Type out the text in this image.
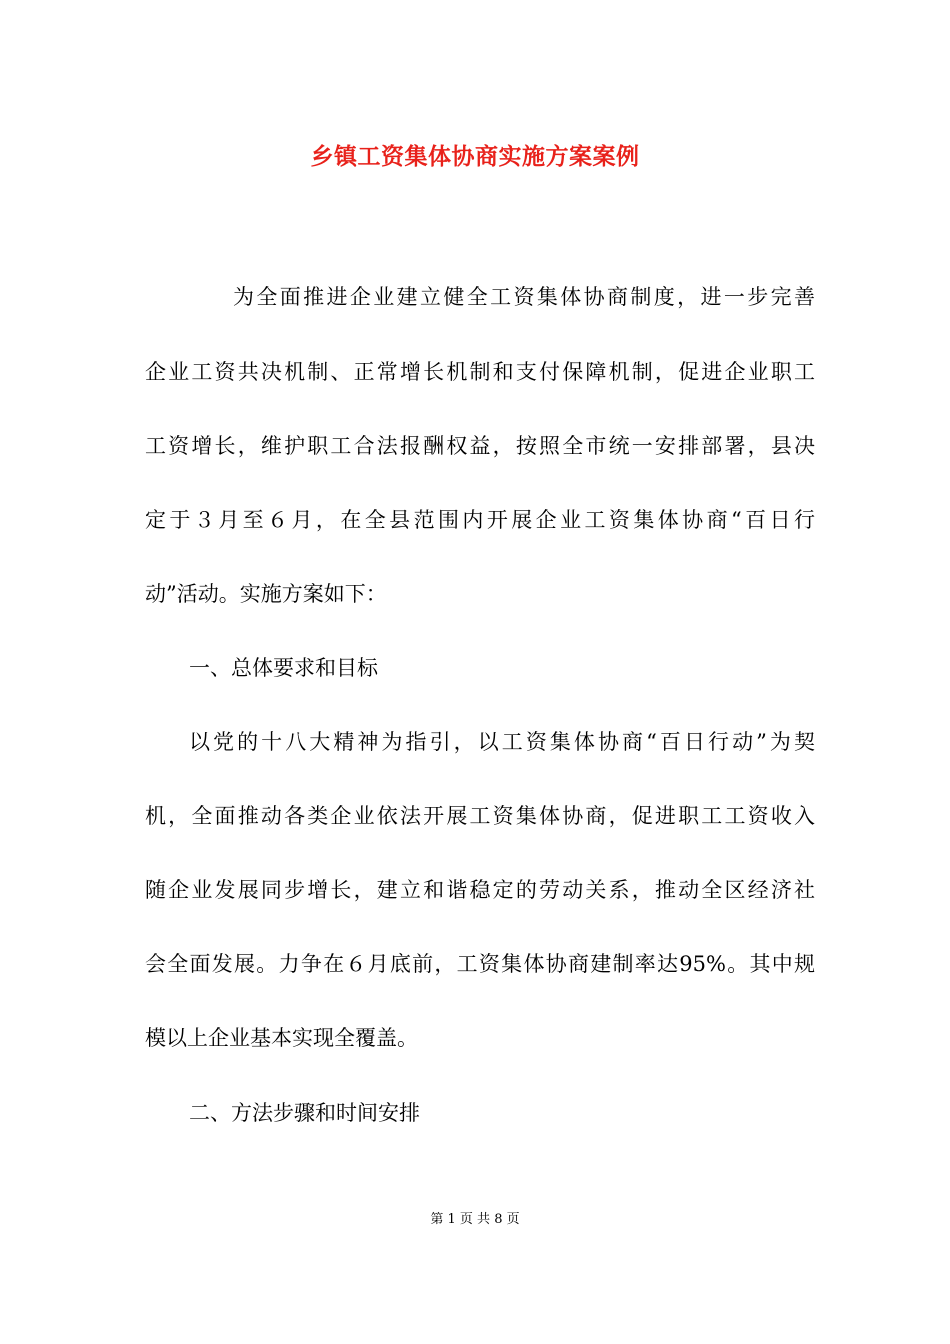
乡镇工资集体协商实施方案案例
为全面推进企业建立健全工资集体协商制度，进一步完善
企业工资共决机制、正常增长机制和支付保障机制，促进企业职工
工资增长，维护职工合法报酬权益，按照全市统一安排部署，县决
定于３月至６月，在全县范围内开展企业工资集体协商“百日行
动”活动。实施方案如下：
一、总体要求和目标
以党的十八大精神为指引，以工资集体协商“百日行动”为契
机，全面推动各类企业依法开展工资集体协商，促进职工工资收入
随企业发展同步增长，建立和谐稳定的劳动关系，推动全区经济社
会全面发展。力争在６月底前，工资集体协商建制率达95%。其中规
模以上企业基本实现全覆盖。
二、方法步骤和时间安排
第 1 页 共 8 页
